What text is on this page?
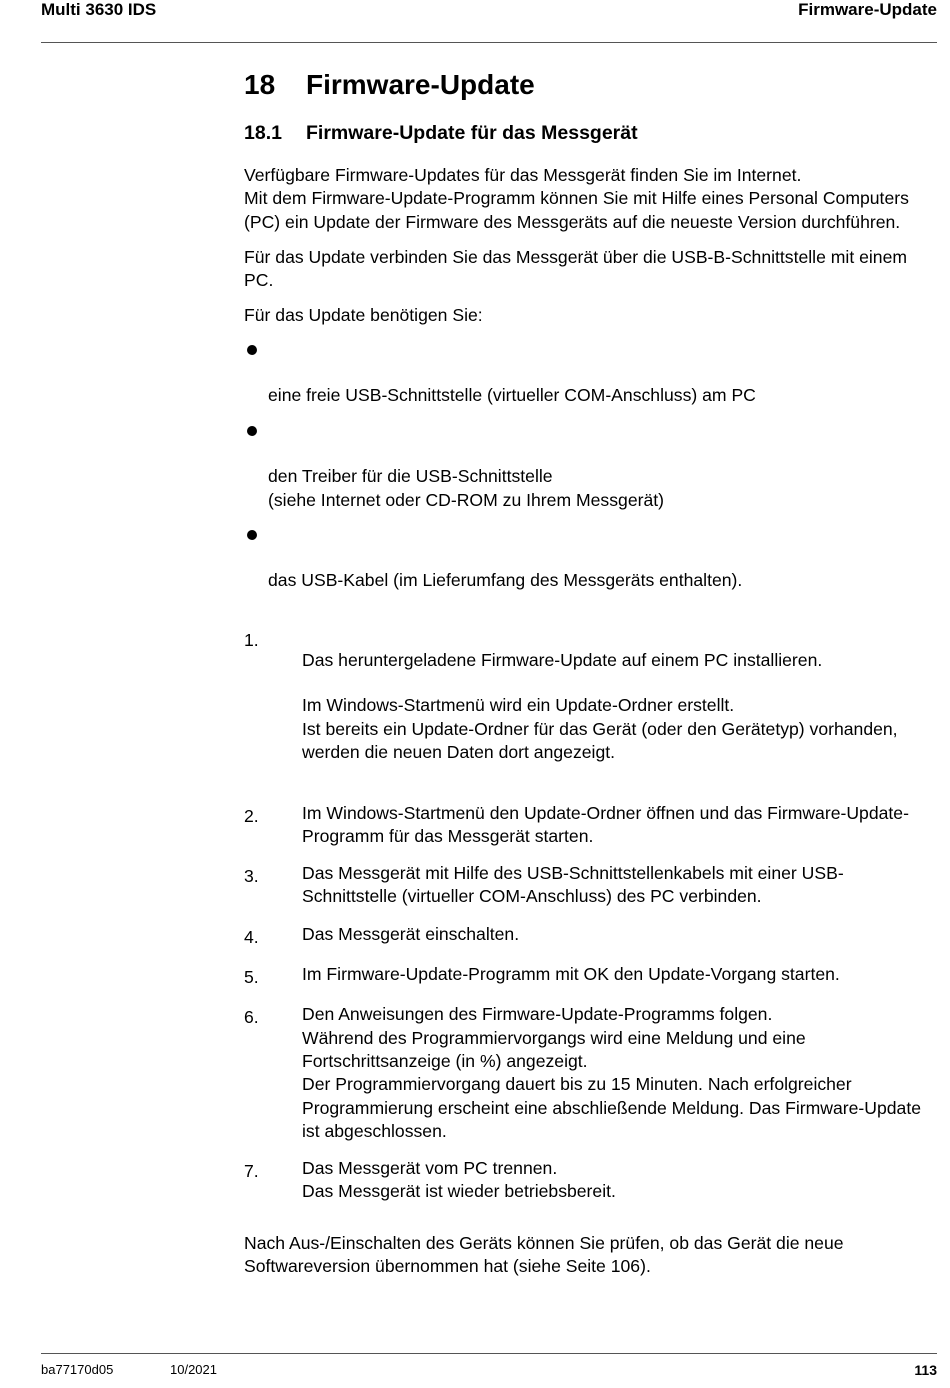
Multi 3630 IDS	Firmware-Update
18	Firmware-Update
18.1	Firmware-Update für das Messgerät

Verfügbare Firmware-Updates für das Messgerät finden Sie im Internet.
Mit dem Firmware-Update-Programm können Sie mit Hilfe eines Personal Computers (PC) ein Update der Firmware des Messgeräts auf die neueste Version durchführen.

Für das Update verbinden Sie das Messgerät über die USB-B-Schnittstelle mit einem PC.

Für das Update benötigen Sie:

eine freie USB-Schnittstelle (virtueller COM-Anschluss) am PC

den Treiber für die USB-Schnittstelle
(siehe Internet oder CD-ROM zu Ihrem Messgerät)

das USB-Kabel (im Lieferumfang des Messgeräts enthalten).

1.

Das heruntergeladene Firmware-Update auf einem PC installieren.

Im Windows-Startmenü wird ein Update-Ordner erstellt.
Ist bereits ein Update-Ordner für das Gerät (oder den Gerätetyp) vorhanden, werden die neuen Daten dort angezeigt.

2.	Im Windows-Startmenü den Update-Ordner öffnen und das Firmware-Update-Programm für das Messgerät starten.
3.	Das Messgerät mit Hilfe des USB-Schnittstellenkabels mit einer USB-Schnittstelle (virtueller COM-Anschluss) des PC verbinden.
4.	Das Messgerät einschalten.
5.	Im Firmware-Update-Programm mit OK den Update-Vorgang starten.
6.	Den Anweisungen des Firmware-Update-Programms folgen.
Während des Programmiervorgangs wird eine Meldung und eine Fortschrittsanzeige (in %) angezeigt.
Der Programmiervorgang dauert bis zu 15 Minuten. Nach erfolgreicher Programmierung erscheint eine abschließende Meldung. Das Firmware-Update ist abgeschlossen.
7.	Das Messgerät vom PC trennen.
Das Messgerät ist wieder betriebsbereit.

Nach Aus-/Einschalten des Geräts können Sie prüfen, ob das Gerät die neue Softwareversion übernommen hat (siehe Seite 106).

ba77170d05	10/2021	113
